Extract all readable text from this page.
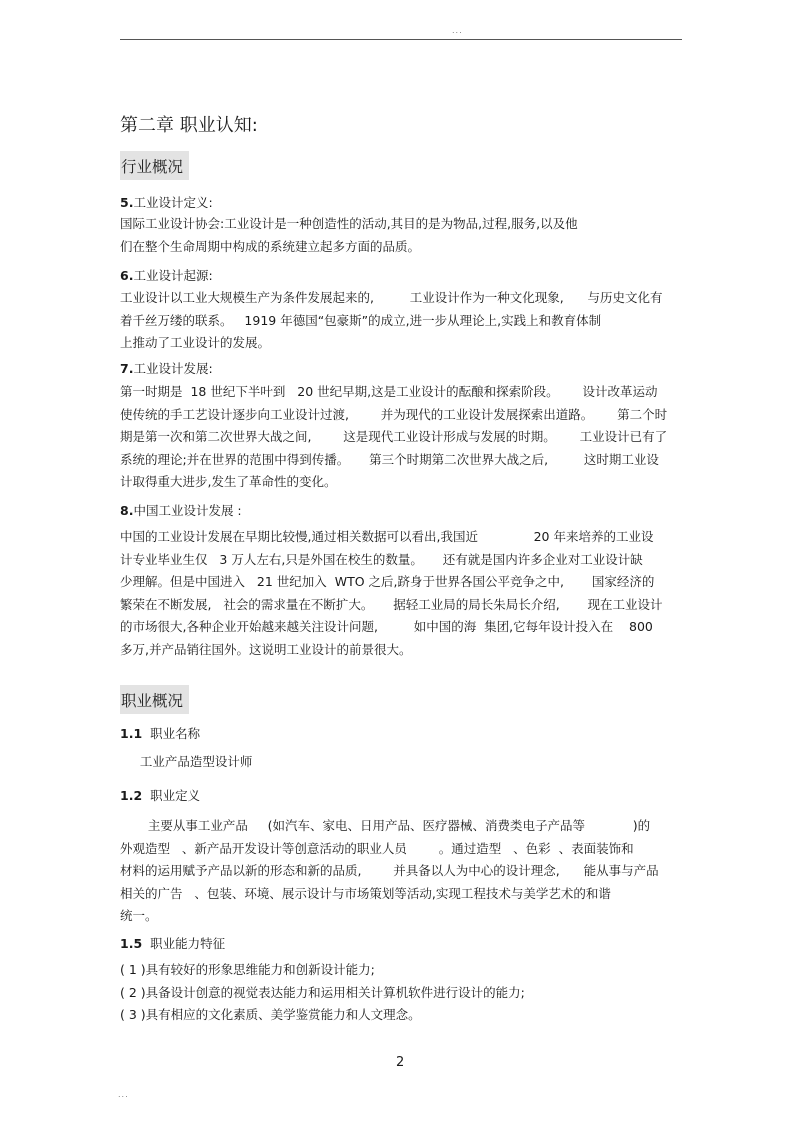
...
第二章 职业认知:
行业概况
5.工业设计定义:
国际工业设计协会:工业设计是一种创造性的活动,其目的是为物品,过程,服务,以及他
们在整个生命周期中构成的系统建立起多方面的品质。
6.工业设计起源:
工业设计以工业大规模生产为条件发展起来的,         工业设计作为一种文化现象,      与历史文化有
着千丝万缕的联系。   1919 年德国“包豪斯”的成立,进一步从理论上,实践上和教育体制
上推动了工业设计的发展。
7.工业设计发展:
第一时期是  18 世纪下半叶到   20 世纪早期,这是工业设计的酝酿和探索阶段。      设计改革运动
使传统的手工艺设计逐步向工业设计过渡,        并为现代的工业设计发展探索出道路。      第二个时
期是第一次和第二次世界大战之间,        这是现代工业设计形成与发展的时期。      工业设计已有了
系统的理论;并在世界的范围中得到传播。     第三个时期第二次世界大战之后,         这时期工业设
计取得重大进步,发生了革命性的变化。
8.中国工业设计发展 :
中国的工业设计发展在早期比较慢,通过相关数据可以看出,我国近              20 年来培养的工业设
计专业毕业生仅   3 万人左右,只是外国在校生的数量。     还有就是国内许多企业对工业设计缺
少理解。但是中国进入   21 世纪加入  WTO 之后,跻身于世界各国公平竞争之中,       国家经济的
繁荣在不断发展,   社会的需求量在不断扩大。     据轻工业局的局长朱局长介绍,       现在工业设计
的市场很大,各种企业开始越来越关注设计问题,         如中国的海  集团,它每年设计投入在    800
多万,并产品销往国外。这说明工业设计的前景很大。
职业概况
1.1 职业名称
工业产品造型设计师
1.2 职业定义
主要从事工业产品     (如汽车、家电、日用产品、医疗器械、消费类电子产品等            )的
外观造型   、新产品开发设计等创意活动的职业人员        。通过造型   、色彩  、表面装饰和
材料的运用赋予产品以新的形态和新的品质,        并具备以人为中心的设计理念,      能从事与产品
相关的广告   、包装、环境、展示设计与市场策划等活动,实现工程技术与美学艺术的和谐
统一。
1.5 职业能力特征
( 1 )具有较好的形象思维能力和创新设计能力;
( 2 )具备设计创意的视觉表达能力和运用相关计算机软件进行设计的能力;
( 3 )具有相应的文化素质、美学鉴赏能力和人文理念。
2
...
